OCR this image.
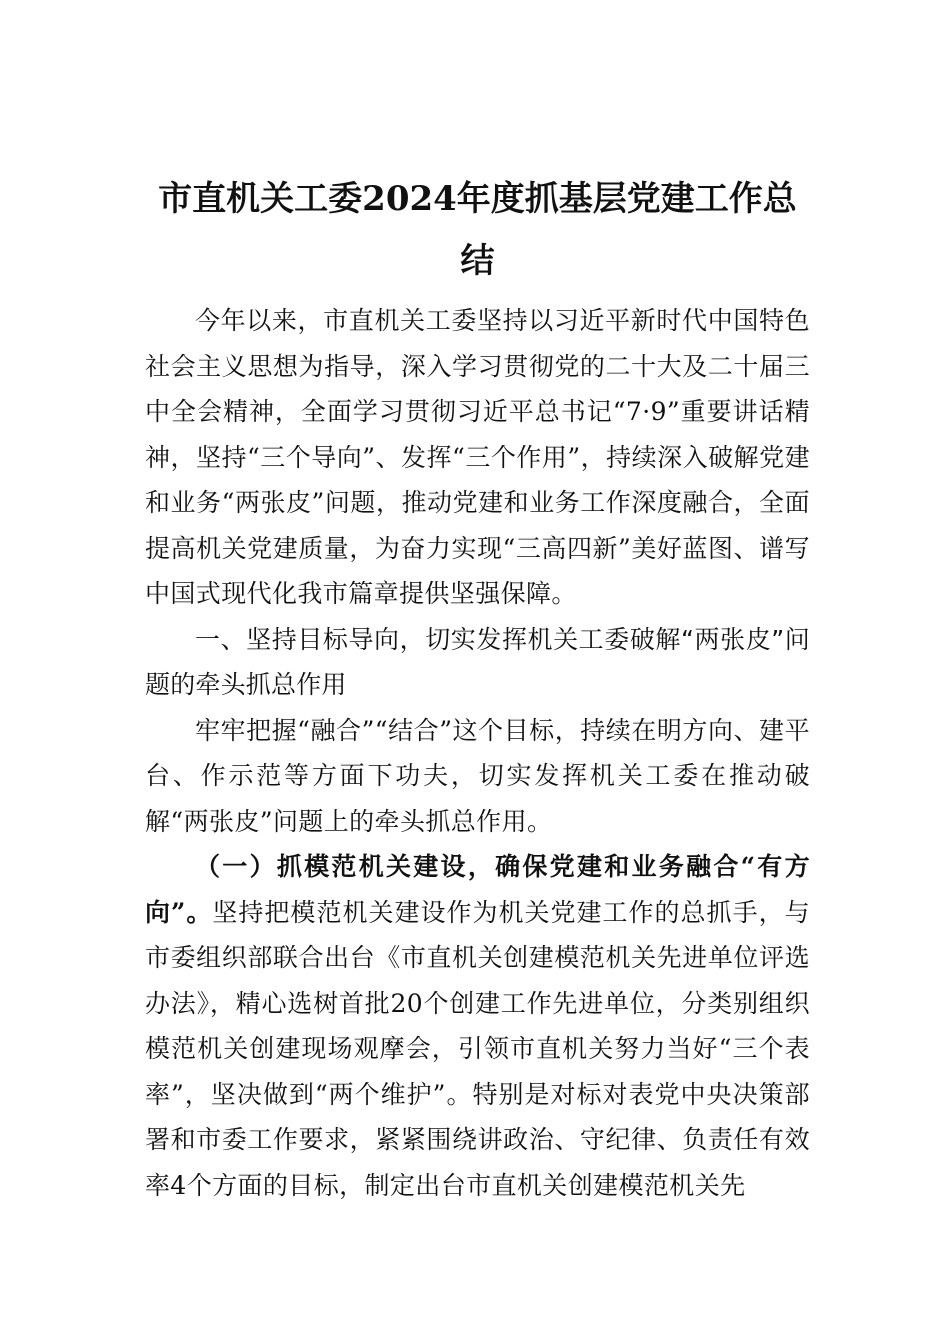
市直机关工委2024年度抓基层党建工作总结

今年以来，市直机关工委坚持以习近平新时代中国特色社会主义思想为指导，深入学习贯彻党的二十大及二十届三中全会精神，全面学习贯彻习近平总书记“7·9”重要讲话精神，坚持“三个导向”、发挥“三个作用”，持续深入破解党建和业务“两张皮”问题，推动党建和业务工作深度融合，全面提高机关党建质量，为奋力实现“三高四新”美好蓝图、谱写中国式现代化我市篇章提供坚强保障。

一、坚持目标导向，切实发挥机关工委破解“两张皮”问题的牵头抓总作用

牢牢把握“融合”“结合”这个目标，持续在明方向、建平台、作示范等方面下功夫，切实发挥机关工委在推动破解“两张皮”问题上的牵头抓总作用。

（一）抓模范机关建设，确保党建和业务融合“有方向”。坚持把模范机关建设作为机关党建工作的总抓手，与市委组织部联合出台《市直机关创建模范机关先进单位评选办法》，精心选树首批20个创建工作先进单位，分类别组织模范机关创建现场观摩会，引领市直机关努力当好“三个表率”，坚决做到“两个维护”。特别是对标对表党中央决策部署和市委工作要求，紧紧围绕讲政治、守纪律、负责任有效率4个方面的目标，制定出台市直机关创建模范机关先
